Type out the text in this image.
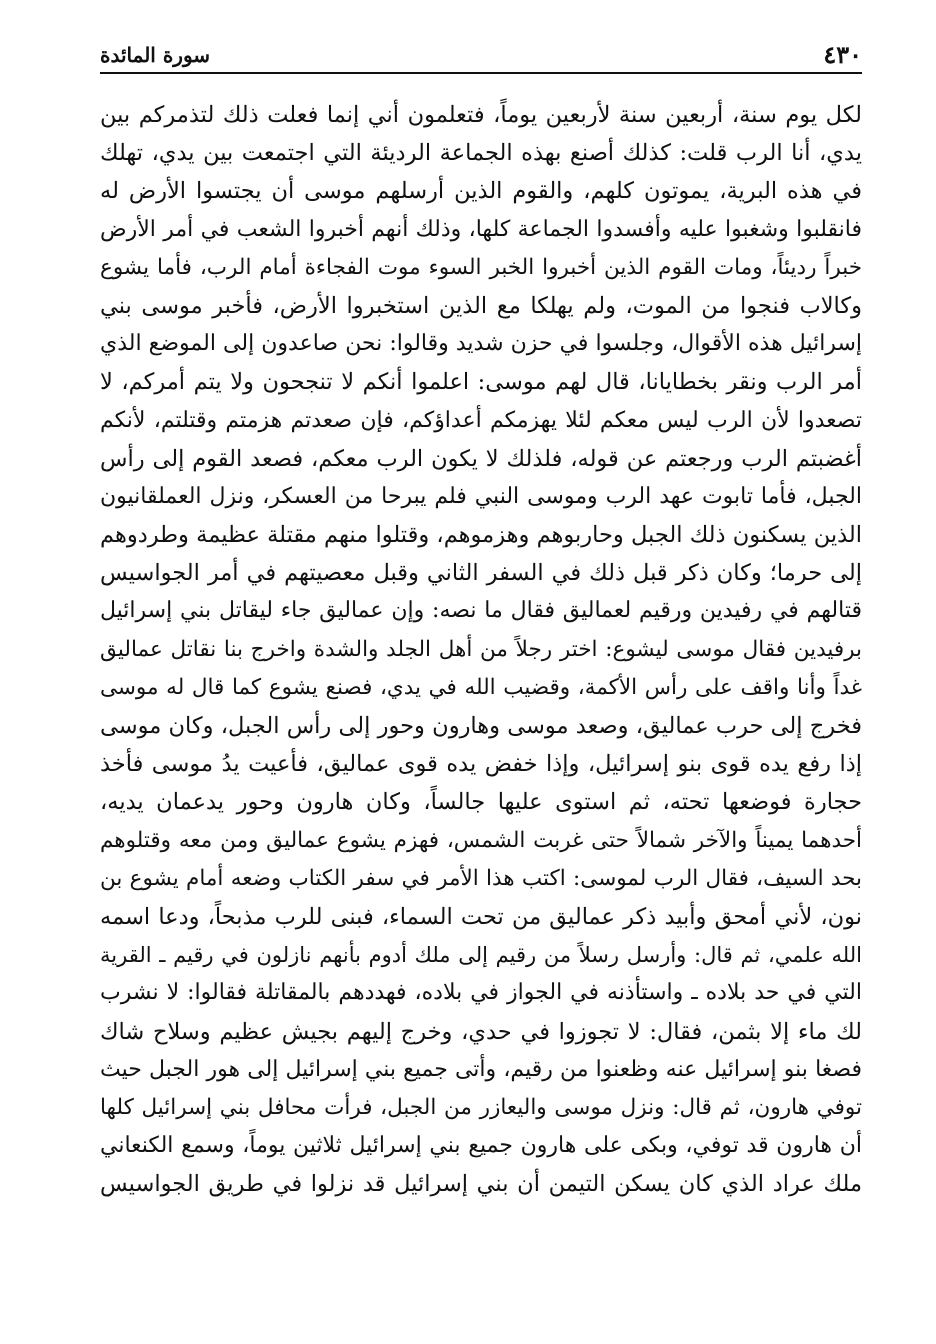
٤٣٠
سورة المائدة
لكل يوم سنة، أربعين سنة لأربعين يوماً، فتعلمون أني إنما فعلت ذلك لتذمركم بين
يدي، أنا الرب قلت: كذلك أصنع بهذه الجماعة الرديئة التي اجتمعت بين يدي، تهلك
في هذه البرية، يموتون كلهم، والقوم الذين أرسلهم موسى أن يجتسوا الأرض له
فانقلبوا وشغبوا عليه وأفسدوا الجماعة كلها، وذلك أنهم أخبروا الشعب في أمر الأرض
خبراً رديئاً، ومات القوم الذين أخبروا الخبر السوء موت الفجاءة أمام الرب، فأما يشوع
وكالاب فنجوا من الموت، ولم يهلكا مع الذين استخبروا الأرض، فأخبر موسى بني
إسرائيل هذه الأقوال، وجلسوا في حزن شديد وقالوا: نحن صاعدون إلى الموضع الذي
أمر الرب ونقر بخطايانا، قال لهم موسى: اعلموا أنكم لا تنجحون ولا يتم أمركم، لا
تصعدوا لأن الرب ليس معكم لئلا يهزمكم أعداؤكم، فإن صعدتم هزمتم وقتلتم، لأنكم
أغضبتم الرب ورجعتم عن قوله، فلذلك لا يكون الرب معكم، فصعد القوم إلى رأس
الجبل، فأما تابوت عهد الرب وموسى النبي فلم يبرحا من العسكر، ونزل العملقانيون
الذين يسكنون ذلك الجبل وحاربوهم وهزموهم، وقتلوا منهم مقتلة عظيمة وطردوهم
إلى حرما؛ وكان ذكر قبل ذلك في السفر الثاني وقبل معصيتهم في أمر الجواسيس
قتالهم في رفيدين ورقيم لعماليق فقال ما نصه: وإن عماليق جاء ليقاتل بني إسرائيل
برفيدين فقال موسى ليشوع: اختر رجلاً من أهل الجلد والشدة واخرج بنا نقاتل عماليق
غداً وأنا واقف على رأس الأكمة، وقضيب الله في يدي، فصنع يشوع كما قال له موسى
فخرج إلى حرب عماليق، وصعد موسى وهارون وحور إلى رأس الجبل، وكان موسى
إذا رفع يده قوى بنو إسرائيل، وإذا خفض يده قوى عماليق، فأعيت يدُ موسى فأخذ
حجارة فوضعها تحته، ثم استوى عليها جالساً، وكان هارون وحور يدعمان يديه،
أحدهما يميناً والآخر شمالاً حتى غربت الشمس، فهزم يشوع عماليق ومن معه وقتلوهم
بحد السيف، فقال الرب لموسى: اكتب هذا الأمر في سفر الكتاب وضعه أمام يشوع بن
نون، لأني أمحق وأبيد ذكر عماليق من تحت السماء، فبنى للرب مذبحاً، ودعا اسمه
الله علمي، ثم قال: وأرسل رسلاً من رقيم إلى ملك أدوم بأنهم نازلون في رقيم ـ القرية
التي في حد بلاده ـ واستأذنه في الجواز في بلاده، فهددهم بالمقاتلة فقالوا: لا نشرب
لك ماء إلا بثمن، فقال: لا تجوزوا في حدي، وخرج إليهم بجيش عظيم وسلاح شاك
فصغا بنو إسرائيل عنه وظعنوا من رقيم، وأتى جميع بني إسرائيل إلى هور الجبل حيث
توفي هارون، ثم قال: ونزل موسى واليعازر من الجبل، فرأت محافل بني إسرائيل كلها
أن هارون قد توفي، وبكى على هارون جميع بني إسرائيل ثلاثين يوماً، وسمع الكنعاني
ملك عراد الذي كان يسكن التيمن أن بني إسرائيل قد نزلوا في طريق الجواسيس
